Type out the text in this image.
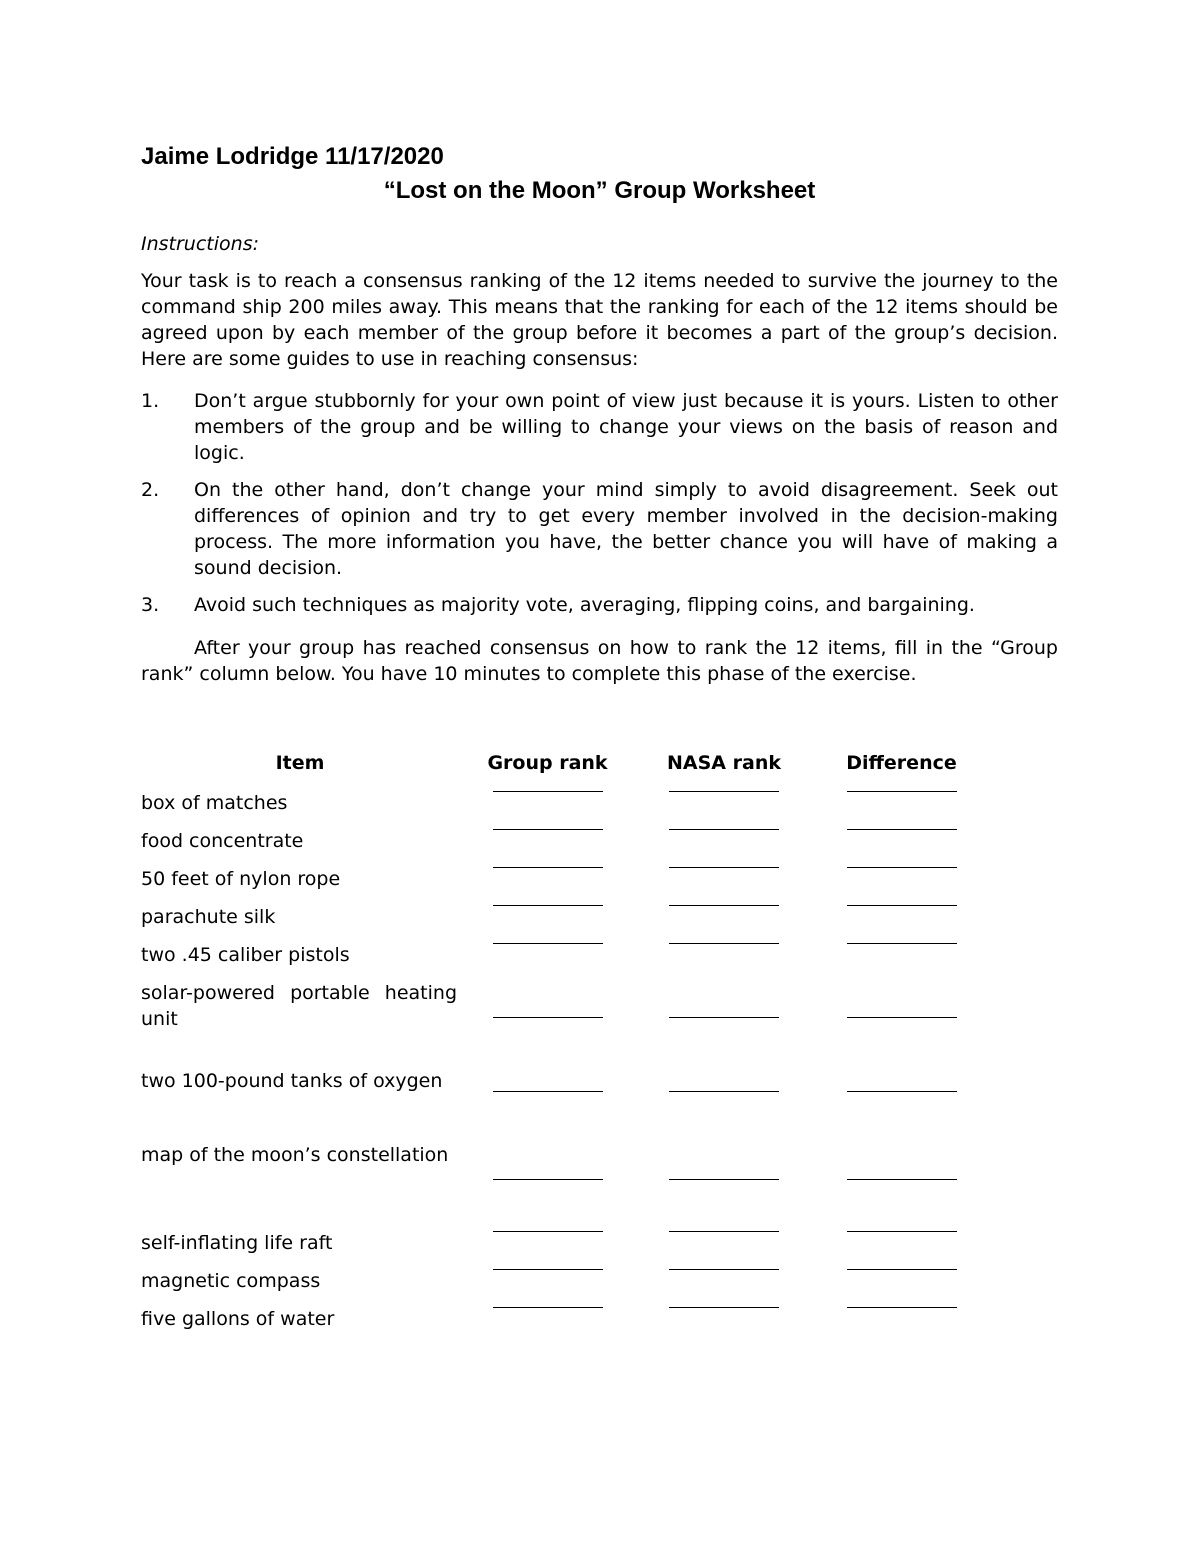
Jaime Lodridge 11/17/2020

“Lost on the Moon” Group Worksheet

Instructions:

Your task is to reach a consensus ranking of the 12 items needed to survive the journey to the command ship 200 miles away. This means that the ranking for each of the 12 items should be agreed upon by each member of the group before it becomes a part of the group’s decision. Here are some guides to use in reaching consensus:

1.	Don’t argue stubbornly for your own point of view just because it is yours. Listen to other members of the group and be willing to change your views on the basis of reason and logic.
2.	On the other hand, don’t change your mind simply to avoid disagreement. Seek out differences of opinion and try to get every member involved in the decision-making process. The more information you have, the better chance you will have of making a sound decision.
3.	Avoid such techniques as majority vote, averaging, flipping coins, and bargaining.

After your group has reached consensus on how to rank the 12 items, fill in the “Group rank” column below. You have 10 minutes to complete this phase of the exercise.

Item	Group rank	NASA rank	Difference
box of matches	

food concentrate	

50 feet of nylon rope	

parachute silk	

two .45 caliber pistols	

solar-powered portable heating unit	

two 100-pound tanks of oxygen	

map of the moon’s constellation	

self-inflating life raft	

magnetic compass	

five gallons of water	
